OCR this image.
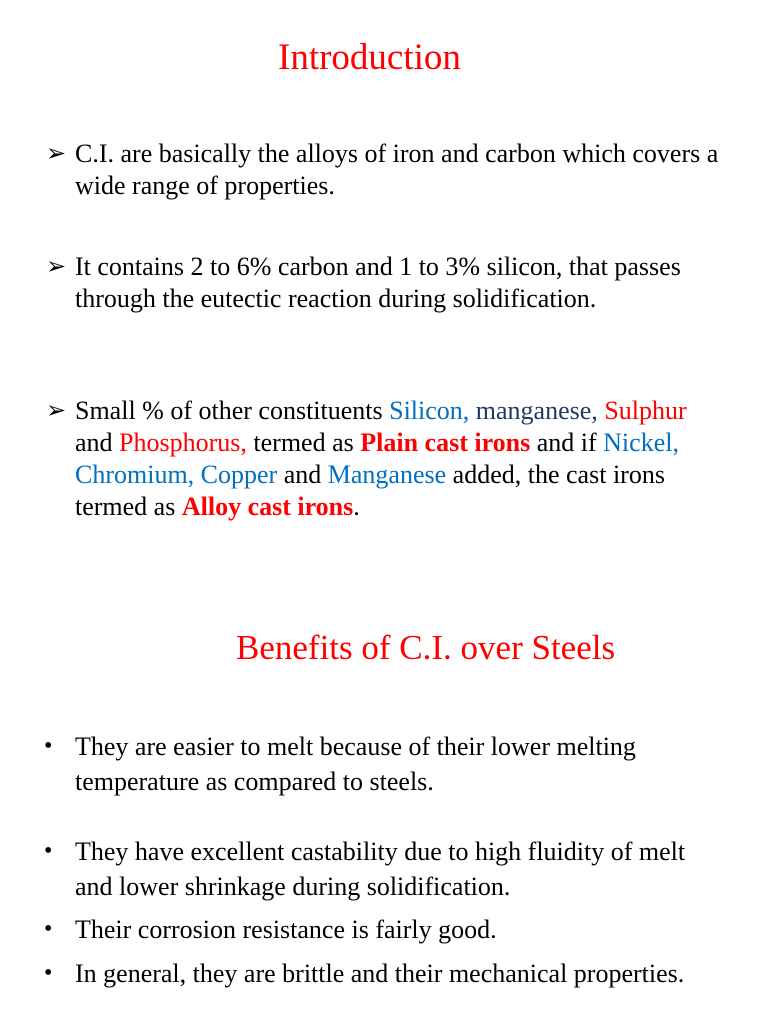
Introduction
➢ C.I. are basically the alloys of iron and carbon which covers a wide range of properties.
➢ It contains 2 to 6% carbon and 1 to 3% silicon, that passes through the eutectic reaction during solidification.
➢ Small % of other constituents Silicon, manganese, Sulphur and Phosphorus, termed as Plain cast irons and if Nickel, Chromium, Copper and Manganese added, the cast irons termed as Alloy cast irons.
Benefits of C.I. over Steels
• They are easier to melt because of their lower melting temperature as compared to steels.
• They have excellent castability due to high fluidity of melt and lower shrinkage during solidification.
• Their corrosion resistance is fairly good.
• In general, they are brittle and their mechanical properties.
